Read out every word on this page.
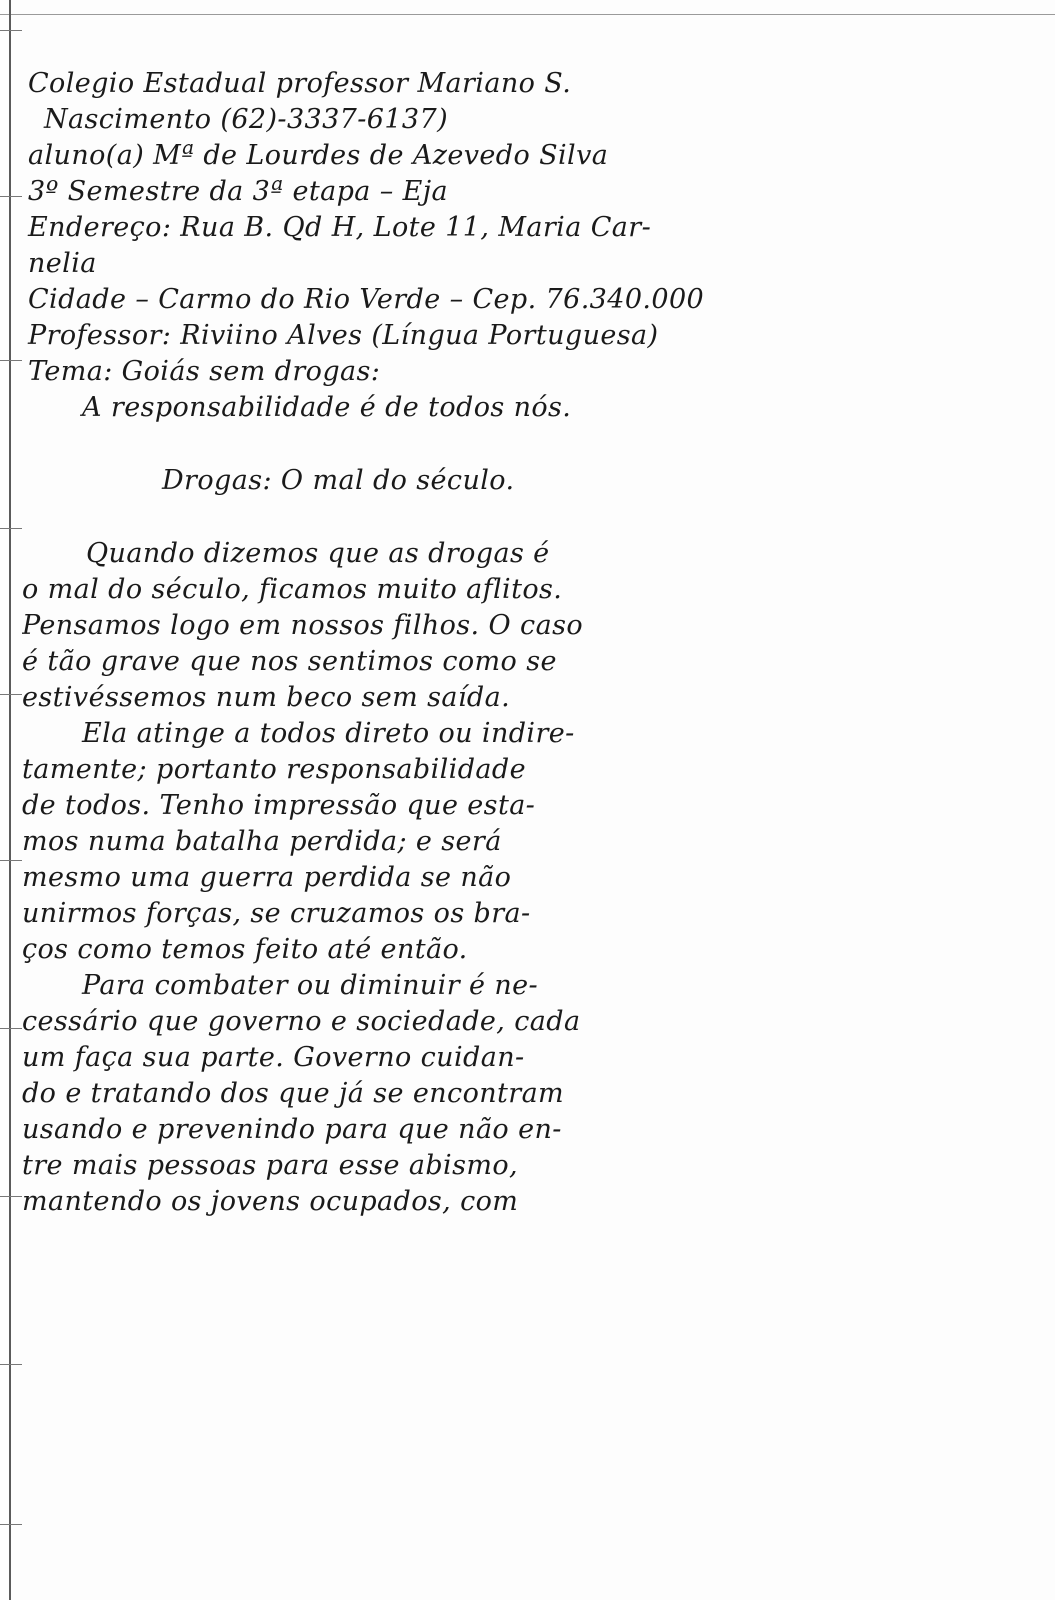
Colegio Estadual professor Mariano S.
Nascimento (62)-3337-6137)
aluno(a) Mª de Lourdes de Azevedo Silva
3º Semestre da 3ª etapa – Eja
Endereço: Rua B. Qd H, Lote 11, Maria Car-
nelia
Cidade – Carmo do Rio Verde – Cep. 76.340.000
Professor: Riviino Alves (Língua Portuguesa)
Tema: Goiás sem drogas:
A responsabilidade é de todos nós.
Drogas: O mal do século.
Quando dizemos que as drogas é
o mal do século, ficamos muito aflitos.
Pensamos logo em nossos filhos. O caso
é tão grave que nos sentimos como se
estivéssemos num beco sem saída.
Ela atinge a todos direto ou indire-
tamente; portanto responsabilidade
de todos. Tenho impressão que esta-
mos numa batalha perdida; e será
mesmo uma guerra perdida se não
unirmos forças, se cruzamos os bra-
ços como temos feito até então.
Para combater ou diminuir é ne-
cessário que governo e sociedade, cada
um faça sua parte. Governo cuidan-
do e tratando dos que já se encontram
usando e prevenindo para que não en-
tre mais pessoas para esse abismo,
mantendo os jovens ocupados, com
